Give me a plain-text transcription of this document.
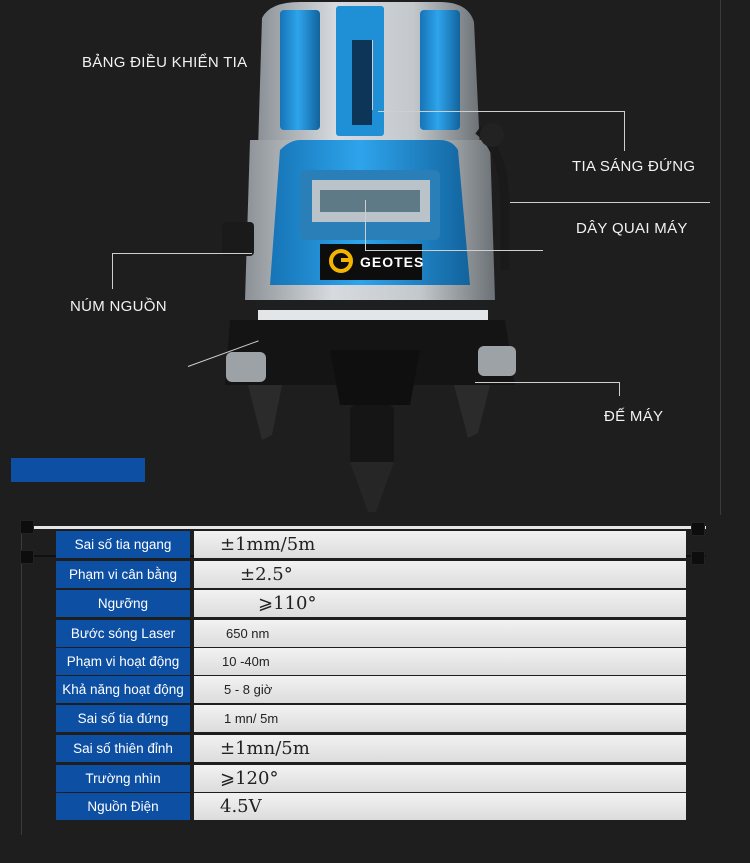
GEOTES
BẢNG ĐIỀU KHIỂN TIA
TIA SÁNG ĐỨNG
DÂY QUAI MÁY
NÚM NGUỒN
ĐẾ MÁY
Sai số tia ngang	±1mm/5m
Phạm vi cân bằng	±2.5°
Ngưỡng	⩾110°
Bước sóng Laser	650 nm
Phạm vi hoạt động	10 -40m
Khả năng hoạt động	5 - 8 giờ
Sai số tia đứng	1 mn/ 5m
Sai số thiên đỉnh	±1mn/5m
Trường nhìn	⩾120°
Nguồn Điện	4.5V
